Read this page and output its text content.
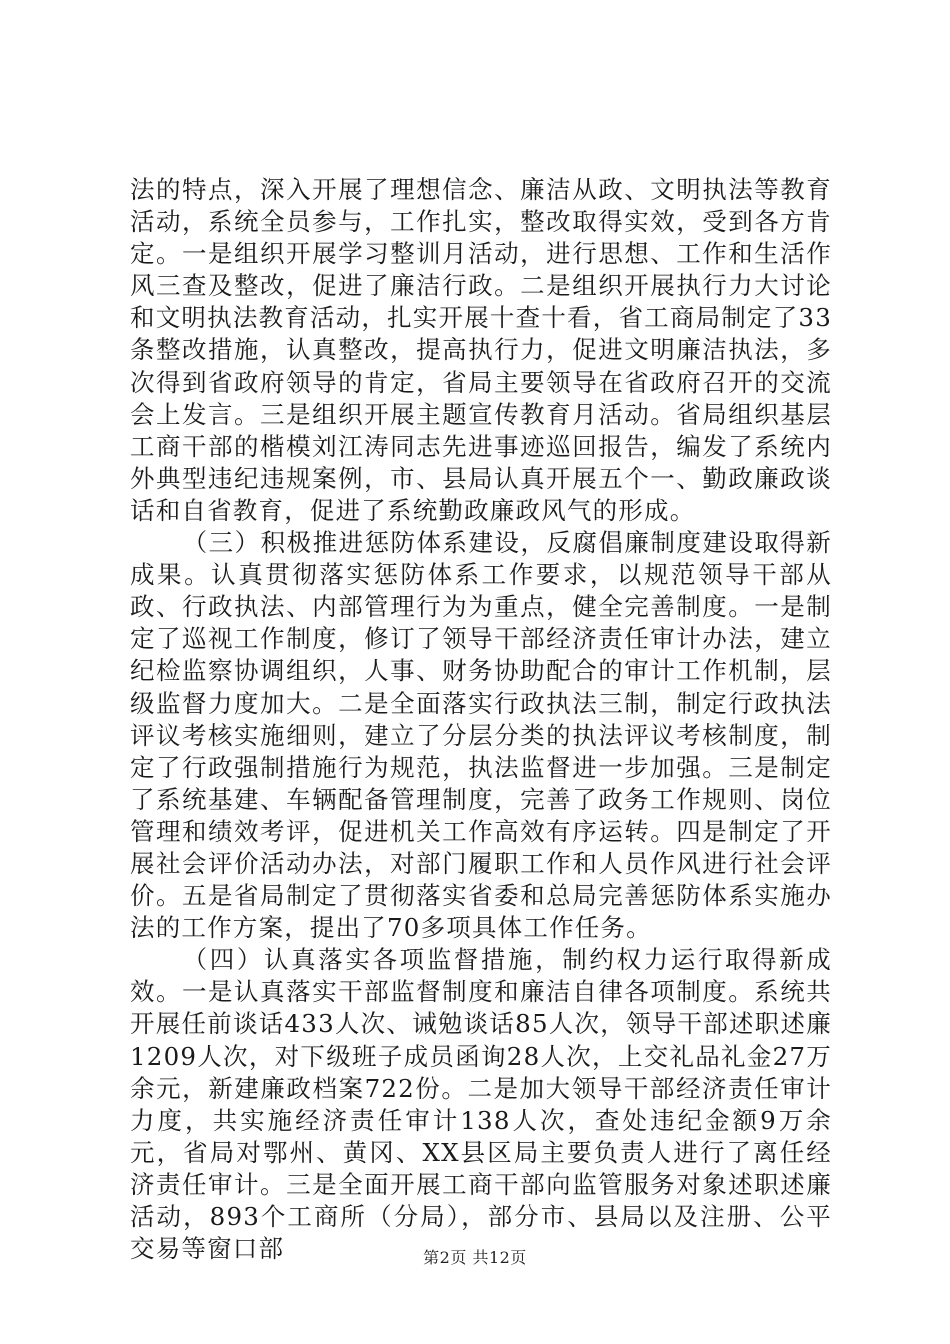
法的特点，深入开展了理想信念、廉洁从政、文明执法等教育活动，系统全员参与，工作扎实，整改取得实效，受到各方肯定。一是组织开展学习整训月活动，进行思想、工作和生活作风三查及整改，促进了廉洁行政。二是组织开展执行力大讨论和文明执法教育活动，扎实开展十查十看，省工商局制定了33条整改措施，认真整改，提高执行力，促进文明廉洁执法，多次得到省政府领导的肯定，省局主要领导在省政府召开的交流会上发言。三是组织开展主题宣传教育月活动。省局组织基层工商干部的楷模刘江涛同志先进事迹巡回报告，编发了系统内外典型违纪违规案例，市、县局认真开展五个一、勤政廉政谈话和自省教育，促进了系统勤政廉政风气的形成。

（三）积极推进惩防体系建设，反腐倡廉制度建设取得新成果。认真贯彻落实惩防体系工作要求，以规范领导干部从政、行政执法、内部管理行为为重点，健全完善制度。一是制定了巡视工作制度，修订了领导干部经济责任审计办法，建立纪检监察协调组织，人事、财务协助配合的审计工作机制，层级监督力度加大。二是全面落实行政执法三制，制定行政执法评议考核实施细则，建立了分层分类的执法评议考核制度，制定了行政强制措施行为规范，执法监督进一步加强。三是制定了系统基建、车辆配备管理制度，完善了政务工作规则、岗位管理和绩效考评，促进机关工作高效有序运转。四是制定了开展社会评价活动办法，对部门履职工作和人员作风进行社会评价。五是省局制定了贯彻落实省委和总局完善惩防体系实施办法的工作方案，提出了70多项具体工作任务。

（四）认真落实各项监督措施，制约权力运行取得新成效。一是认真落实干部监督制度和廉洁自律各项制度。系统共开展任前谈话433人次、诫勉谈话85人次，领导干部述职述廉1209人次，对下级班子成员函询28人次，上交礼品礼金27万余元，新建廉政档案722份。二是加大领导干部经济责任审计力度，共实施经济责任审计138人次，查处违纪金额9万余元，省局对鄂州、黄冈、XX县区局主要负责人进行了离任经济责任审计。三是全面开展工商干部向监管服务对象述职述廉活动，893个工商所（分局），部分市、县局以及注册、公平交易等窗口部	第2页 共12页
